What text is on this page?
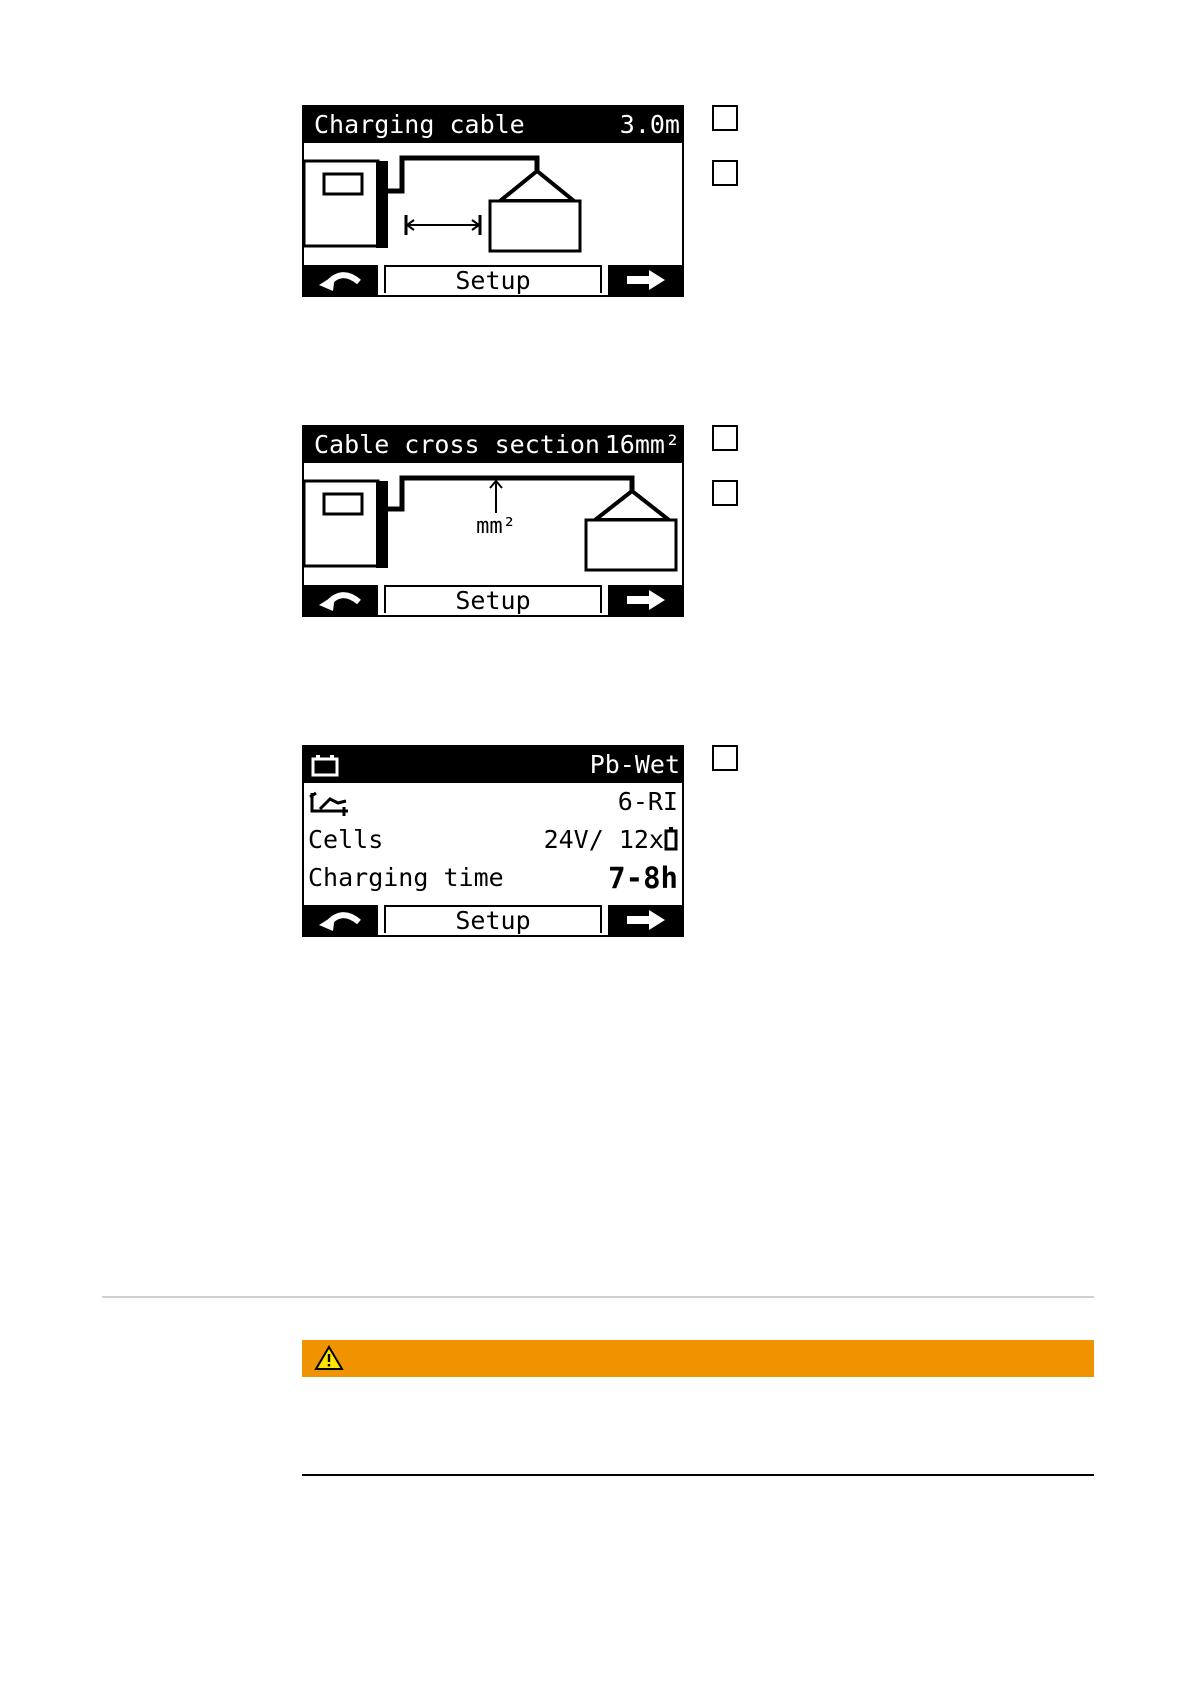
Charging cable	3.0m
Setup
Cable cross section 16mm²
mm²
Setup
Pb-Wet
6-RI
Cells	24V/ 12x
Charging time	7-8h
Setup
